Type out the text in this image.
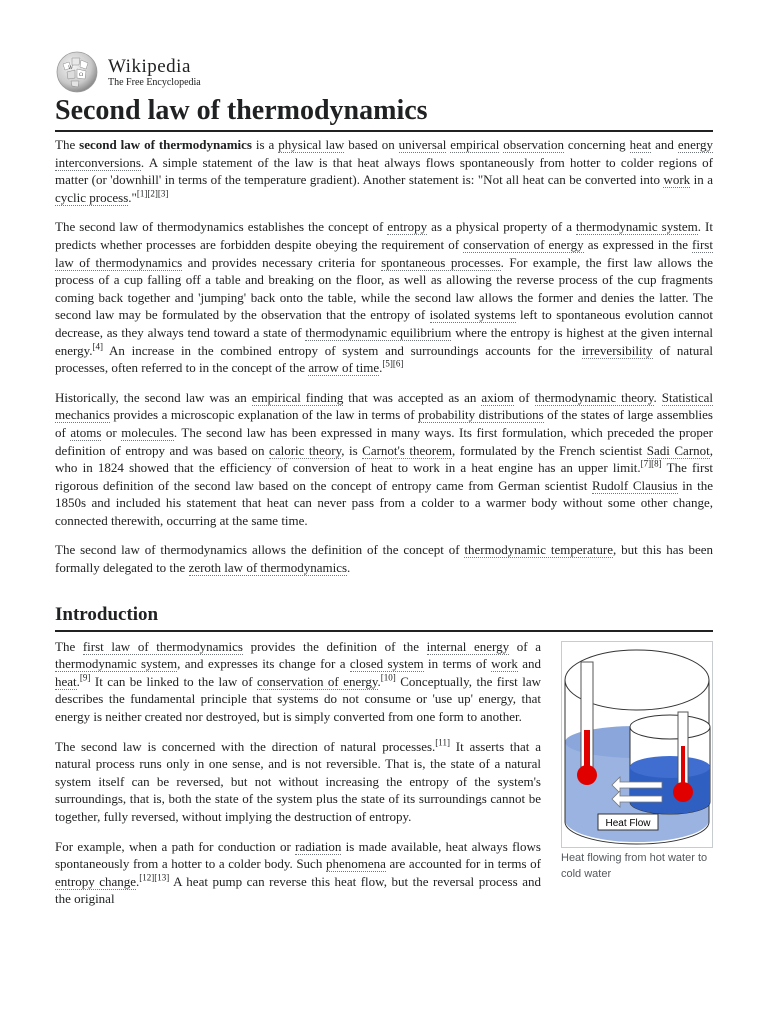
W
Ω Wikipedia
The Free Encyclopedia
Second law of thermodynamics

The second law of thermodynamics is a physical law based on universal empirical observation concerning heat and energy interconversions. A simple statement of the law is that heat always flows spontaneously from hotter to colder regions of matter (or 'downhill' in terms of the temperature gradient). Another statement is: "Not all heat can be converted into work in a cyclic process."[1][2][3]

The second law of thermodynamics establishes the concept of entropy as a physical property of a thermodynamic system. It predicts whether processes are forbidden despite obeying the requirement of conservation of energy as expressed in the first law of thermodynamics and provides necessary criteria for spontaneous processes. For example, the first law allows the process of a cup falling off a table and breaking on the floor, as well as allowing the reverse process of the cup fragments coming back together and 'jumping' back onto the table, while the second law allows the former and denies the latter. The second law may be formulated by the observation that the entropy of isolated systems left to spontaneous evolution cannot decrease, as they always tend toward a state of thermodynamic equilibrium where the entropy is highest at the given internal energy.[4] An increase in the combined entropy of system and surroundings accounts for the irreversibility of natural processes, often referred to in the concept of the arrow of time.[5][6]

Historically, the second law was an empirical finding that was accepted as an axiom of thermodynamic theory. Statistical mechanics provides a microscopic explanation of the law in terms of probability distributions of the states of large assemblies of atoms or molecules. The second law has been expressed in many ways. Its first formulation, which preceded the proper definition of entropy and was based on caloric theory, is Carnot's theorem, formulated by the French scientist Sadi Carnot, who in 1824 showed that the efficiency of conversion of heat to work in a heat engine has an upper limit.[7][8] The first rigorous definition of the second law based on the concept of entropy came from German scientist Rudolf Clausius in the 1850s and included his statement that heat can never pass from a colder to a warmer body without some other change, connected therewith, occurring at the same time.

The second law of thermodynamics allows the definition of the concept of thermodynamic temperature, but this has been formally delegated to the zeroth law of thermodynamics.

Introduction
Heat Flow
Heat flowing from hot water to cold water

The first law of thermodynamics provides the definition of the internal energy of a thermodynamic system, and expresses its change for a closed system in terms of work and heat.[9] It can be linked to the law of conservation of energy.[10] Conceptually, the first law describes the fundamental principle that systems do not consume or 'use up' energy, that energy is neither created nor destroyed, but is simply converted from one form to another.

The second law is concerned with the direction of natural processes.[11] It asserts that a natural process runs only in one sense, and is not reversible. That is, the state of a natural system itself can be reversed, but not without increasing the entropy of the system's surroundings, that is, both the state of the system plus the state of its surroundings cannot be together, fully reversed, without implying the destruction of entropy.

For example, when a path for conduction or radiation is made available, heat always flows spontaneously from a hotter to a colder body. Such phenomena are accounted for in terms of entropy change.[12][13] A heat pump can reverse this heat flow, but the reversal process and the original
